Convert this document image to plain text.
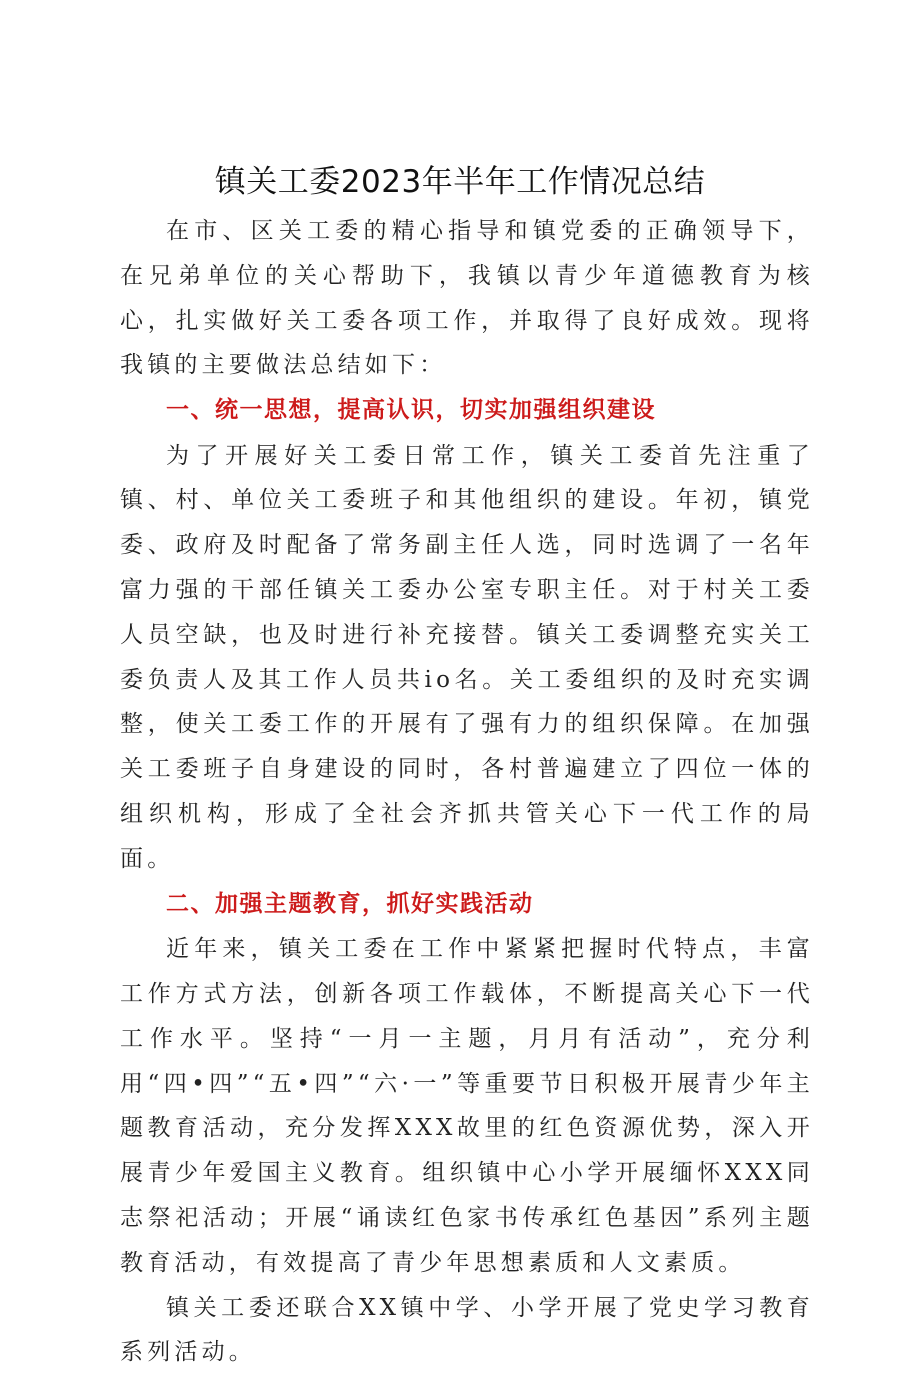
镇关工委2023年半年工作情况总结

在市、区关工委的精心指导和镇党委的正确领导下，在兄弟单位的关心帮助下，我镇以青少年道德教育为核心，扎实做好关工委各项工作，并取得了良好成效。现将我镇的主要做法总结如下：

一、统一思想，提高认识，切实加强组织建设

为了开展好关工委日常工作，镇关工委首先注重了镇、村、单位关工委班子和其他组织的建设。年初，镇党委、政府及时配备了常务副主任人选，同时选调了一名年富力强的干部任镇关工委办公室专职主任。对于村关工委人员空缺，也及时进行补充接替。镇关工委调整充实关工委负责人及其工作人员共io名。关工委组织的及时充实调整，使关工委工作的开展有了强有力的组织保障。在加强关工委班子自身建设的同时，各村普遍建立了四位一体的组织机构，形成了全社会齐抓共管关心下一代工作的局面。

二、加强主题教育，抓好实践活动

近年来，镇关工委在工作中紧紧把握时代特点，丰富工作方式方法，创新各项工作载体，不断提高关心下一代工作水平。坚持“一月一主题，月月有活动”，充分利用“四•四”“五•四”“六·一”等重要节日积极开展青少年主题教育活动，充分发挥XXX故里的红色资源优势，深入开展青少年爱国主义教育。组织镇中心小学开展缅怀XXX同志祭祀活动；开展“诵读红色家书传承红色基因”系列主题教育活动，有效提高了青少年思想素质和人文素质。

镇关工委还联合XX镇中学、小学开展了党史学习教育系列活动。
